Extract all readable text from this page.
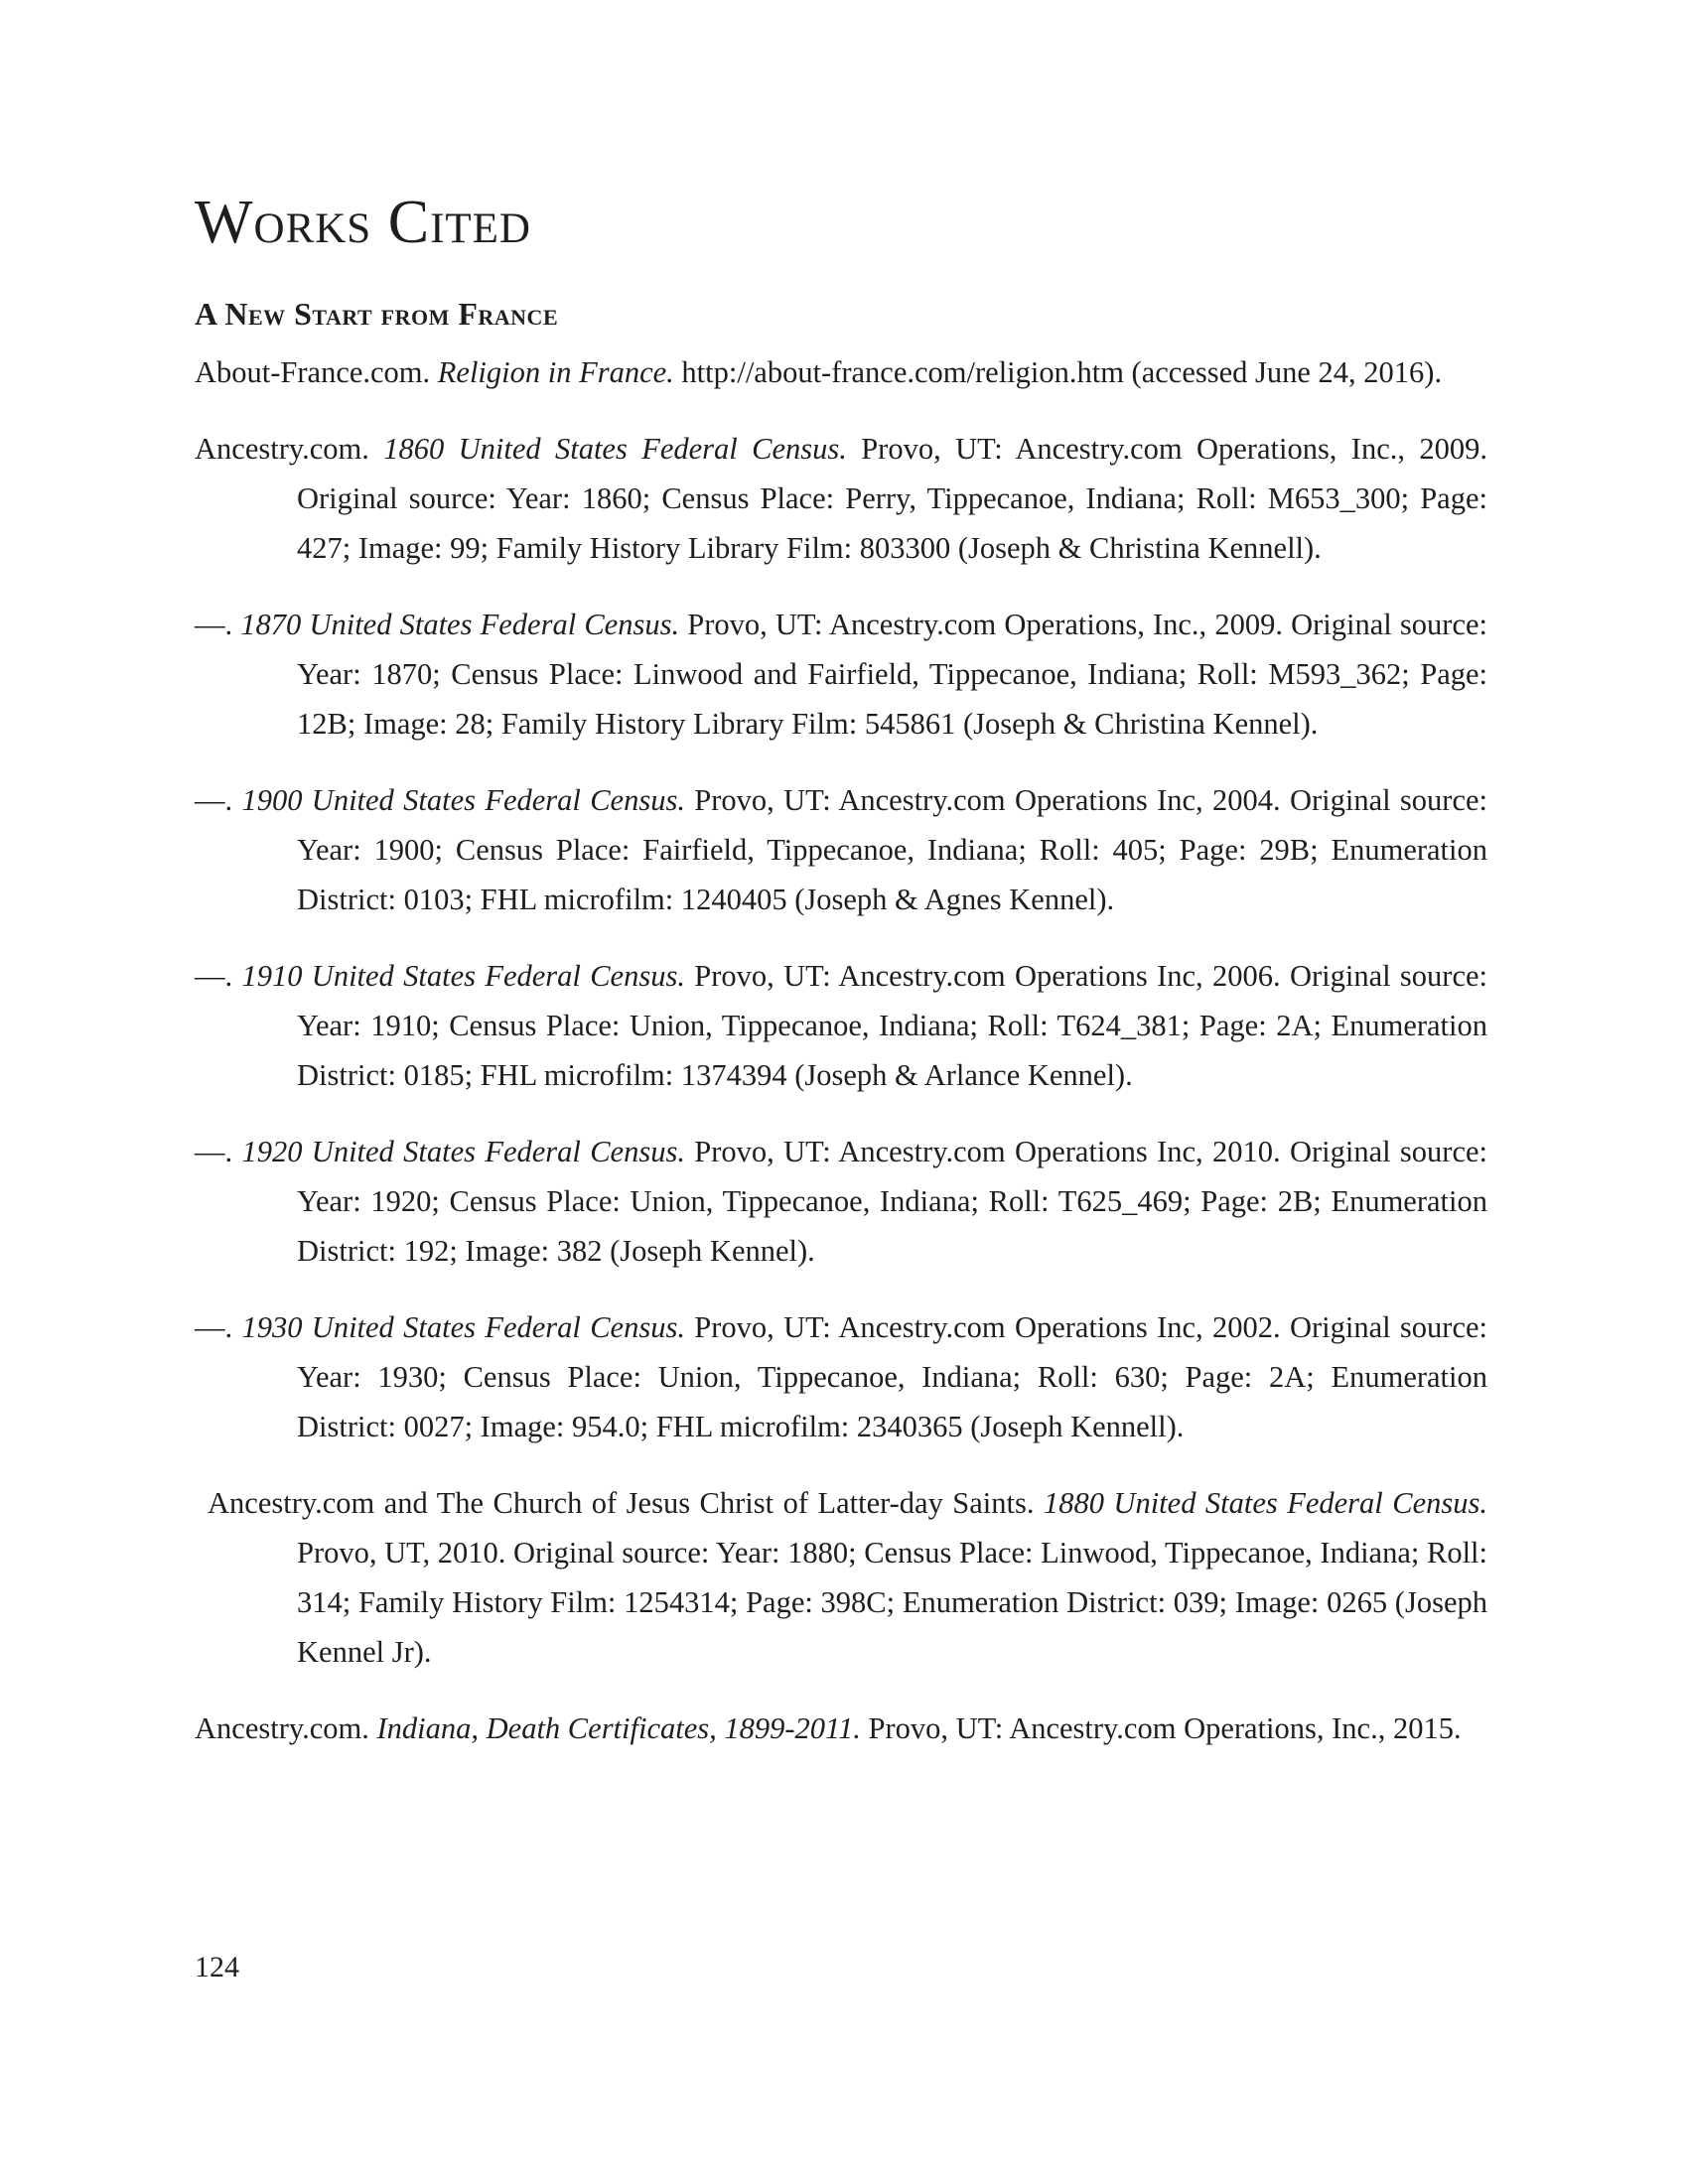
Works Cited
A New Start from France

About-France.com. Religion in France. http://about-france.com/religion.htm (accessed June 24, 2016).

Ancestry.com. 1860 United States Federal Census. Provo, UT: Ancestry.com Operations, Inc., 2009. Original source: Year: 1860; Census Place: Perry, Tippecanoe, Indiana; Roll: M653_300; Page: 427; Image: 99; Family History Library Film: 803300 (Joseph & Christina Kennell).

—. 1870 United States Federal Census. Provo, UT: Ancestry.com Operations, Inc., 2009. Original source: Year: 1870; Census Place: Linwood and Fairfield, Tippecanoe, Indiana; Roll: M593_362; Page: 12B; Image: 28; Family History Library Film: 545861 (Joseph & Christina Kennel).

—. 1900 United States Federal Census. Provo, UT: Ancestry.com Operations Inc, 2004. Original source: Year: 1900; Census Place: Fairfield, Tippecanoe, Indiana; Roll: 405; Page: 29B; Enumeration District: 0103; FHL microfilm: 1240405 (Joseph & Agnes Kennel).

—. 1910 United States Federal Census. Provo, UT: Ancestry.com Operations Inc, 2006. Original source: Year: 1910; Census Place: Union, Tippecanoe, Indiana; Roll: T624_381; Page: 2A; Enumeration District: 0185; FHL microfilm: 1374394 (Joseph & Arlance Kennel).

—. 1920 United States Federal Census. Provo, UT: Ancestry.com Operations Inc, 2010. Original source: Year: 1920; Census Place: Union, Tippecanoe, Indiana; Roll: T625_469; Page: 2B; Enumeration District: 192; Image: 382 (Joseph Kennel).

—. 1930 United States Federal Census. Provo, UT: Ancestry.com Operations Inc, 2002. Original source: Year: 1930; Census Place: Union, Tippecanoe, Indiana; Roll: 630; Page: 2A; Enumeration District: 0027; Image: 954.0; FHL microfilm: 2340365 (Joseph Kennell).

Ancestry.com and The Church of Jesus Christ of Latter-day Saints. 1880 United States Federal Census. Provo, UT, 2010. Original source: Year: 1880; Census Place: Linwood, Tippecanoe, Indiana; Roll: 314; Family History Film: 1254314; Page: 398C; Enumeration District: 039; Image: 0265 (Joseph Kennel Jr).

Ancestry.com. Indiana, Death Certificates, 1899-2011. Provo, UT: Ancestry.com Operations, Inc., 2015.

124
